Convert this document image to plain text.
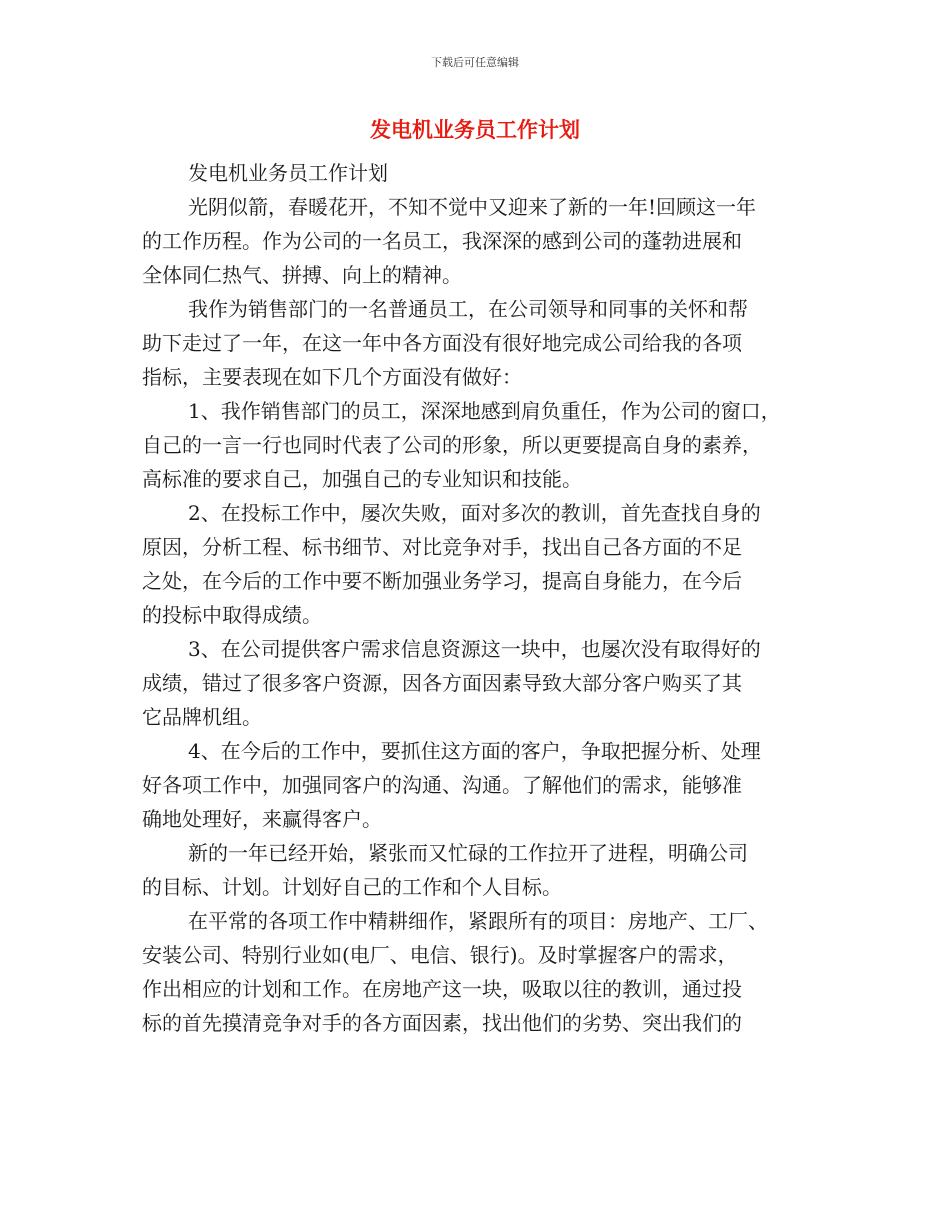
下载后可任意编辑
发电机业务员工作计划
发电机业务员工作计划
光阴似箭，春暖花开，不知不觉中又迎来了新的一年!回顾这一年
的工作历程。作为公司的一名员工，我深深的感到公司的蓬勃进展和
全体同仁热气、拼搏、向上的精神。
我作为销售部门的一名普通员工，在公司领导和同事的关怀和帮
助下走过了一年，在这一年中各方面没有很好地完成公司给我的各项
指标，主要表现在如下几个方面没有做好：
1、我作销售部门的员工，深深地感到肩负重任，作为公司的窗口，
自己的一言一行也同时代表了公司的形象，所以更要提高自身的素养，
高标准的要求自己，加强自己的专业知识和技能。
2、在投标工作中，屡次失败，面对多次的教训，首先查找自身的
原因，分析工程、标书细节、对比竞争对手，找出自己各方面的不足
之处，在今后的工作中要不断加强业务学习，提高自身能力，在今后
的投标中取得成绩。
3、在公司提供客户需求信息资源这一块中，也屡次没有取得好的
成绩，错过了很多客户资源，因各方面因素导致大部分客户购买了其
它品牌机组。
4、在今后的工作中，要抓住这方面的客户，争取把握分析、处理
好各项工作中，加强同客户的沟通、沟通。了解他们的需求，能够准
确地处理好，来赢得客户。
新的一年已经开始，紧张而又忙碌的工作拉开了进程，明确公司
的目标、计划。计划好自己的工作和个人目标。
在平常的各项工作中精耕细作，紧跟所有的项目：房地产、工厂、
安装公司、特别行业如(电厂、电信、银行)。及时掌握客户的需求，
作出相应的计划和工作。在房地产这一块，吸取以往的教训，通过投
标的首先摸清竞争对手的各方面因素，找出他们的劣势、突出我们的
